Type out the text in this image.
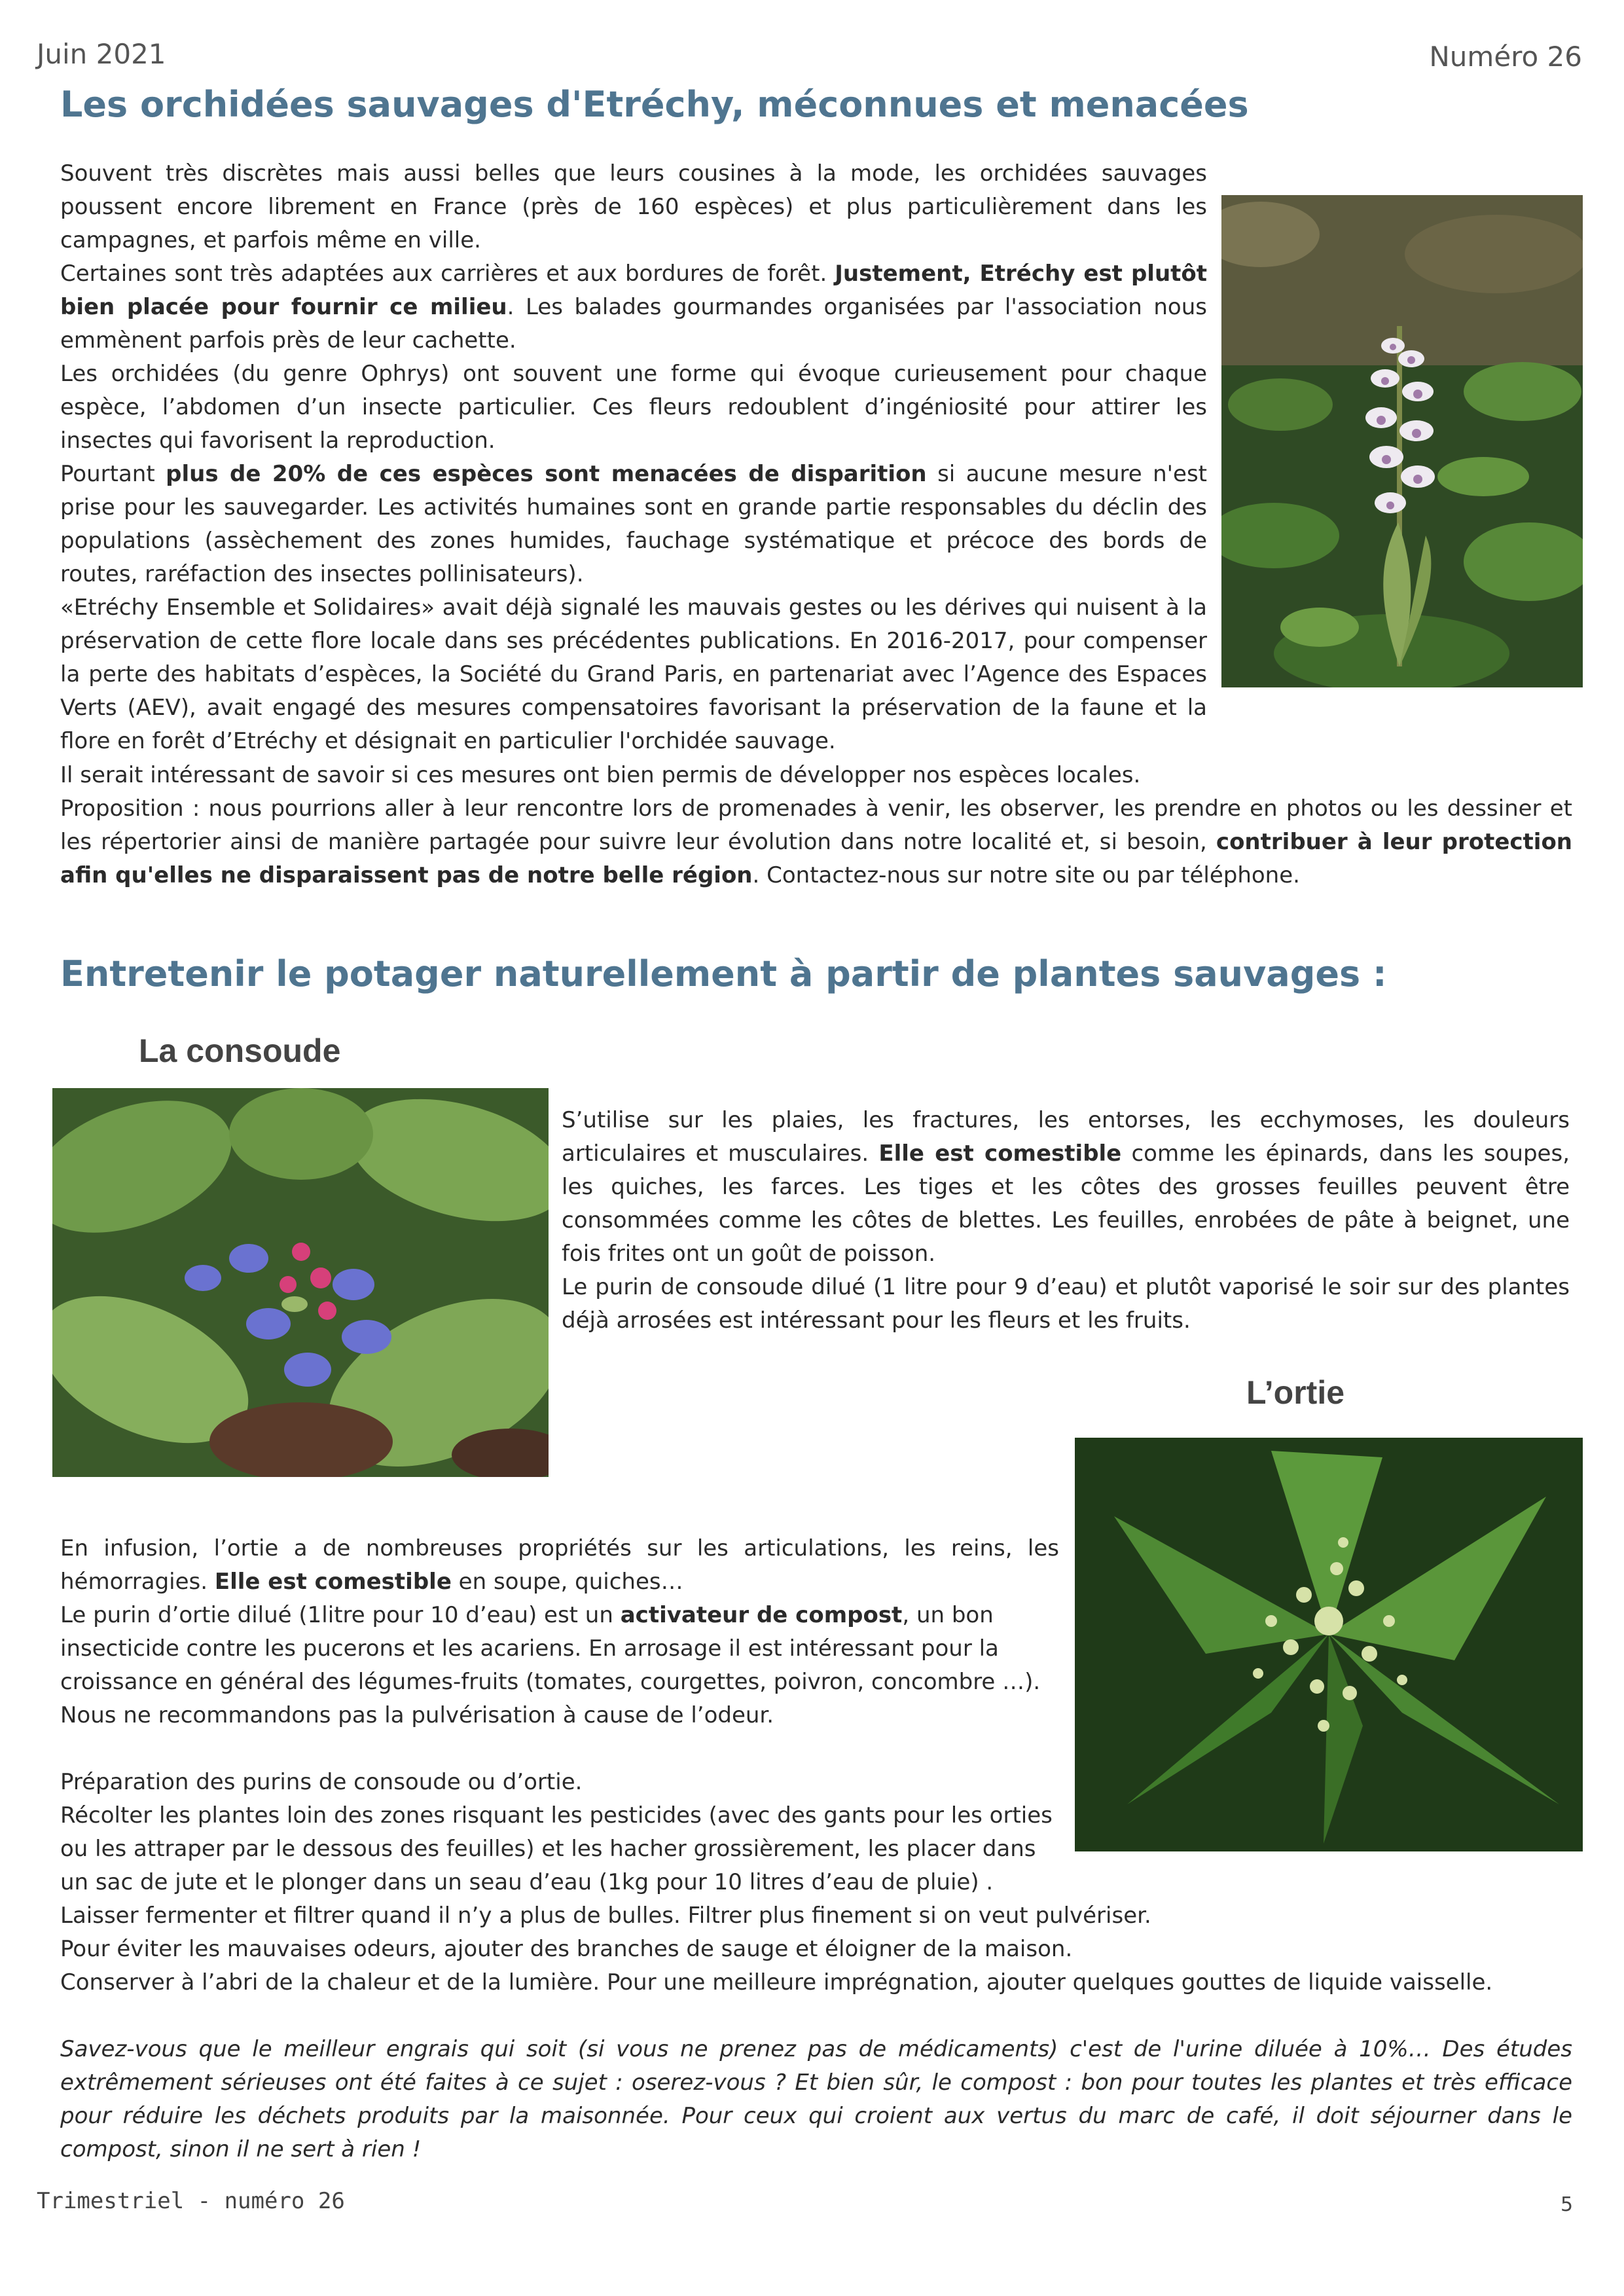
Juin 2021	Numéro 26
Les orchidées sauvages d'Etréchy, méconnues et menacées

Souvent très discrètes mais aussi belles que leurs cousines à la mode, les orchidées sauvages poussent encore librement en France (près de 160 espèces) et plus particulièrement dans les campagnes, et parfois même en ville.

Certaines sont très adaptées aux carrières et aux bordures de forêt. Justement, Etréchy est plutôt bien placée pour fournir ce milieu. Les balades gourmandes organisées par l'association nous emmènent parfois près de leur cachette.

Les orchidées (du genre Ophrys) ont souvent une forme qui évoque curieusement pour chaque espèce, l’abdomen d’un insecte particulier. Ces fleurs redoublent d’ingéniosité pour attirer les insectes qui favorisent la reproduction.

Pourtant plus de 20% de ces espèces sont menacées de disparition si aucune mesure n'est prise pour les sauvegarder. Les activités humaines sont en grande partie responsables du déclin des populations (assèchement des zones humides, fauchage systématique et précoce des bords de routes, raréfaction des insectes pollinisateurs).

«Etréchy Ensemble et Solidaires» avait déjà signalé les mauvais gestes ou les dérives qui nuisent à la préservation de cette flore locale dans ses précédentes publications. En 2016-2017, pour compenser la perte des habitats d’espèces, la Société du Grand Paris, en partenariat avec l’Agence des Espaces Verts (AEV), avait engagé des mesures compensatoires favorisant la préservation de la faune et la flore en forêt d’Etréchy et désignait en particulier l'orchidée sauvage.

Il serait intéressant de savoir si ces mesures ont bien permis de développer nos espèces locales.

Proposition : nous pourrions aller à leur rencontre lors de promenades à venir, les observer, les prendre en photos ou les dessiner et les répertorier ainsi de manière partagée pour suivre leur évolution dans notre localité et, si besoin, contribuer à leur protection afin qu'elles ne disparaissent pas de notre belle région. Contactez-nous sur notre site ou par téléphone.

Entretenir le potager naturellement à partir de plantes sauvages :
La consoude

S’utilise sur les plaies, les fractures, les entorses, les ecchymoses, les douleurs articulaires et musculaires. Elle est comestible comme les épinards, dans les soupes, les quiches, les farces. Les tiges et les côtes des grosses feuilles peuvent être consommées comme les côtes de blettes. Les feuilles, enrobées de pâte à beignet, une fois frites ont un goût de poisson.

Le purin de consoude dilué (1 litre pour 9 d’eau) et plutôt vaporisé le soir sur des plantes déjà arrosées est intéressant pour les fleurs et les fruits.

L’ortie

En infusion, l’ortie a de nombreuses propriétés sur les articulations, les reins, les hémorragies. Elle est comestible en soupe, quiches…

Le purin d’ortie dilué (1litre pour 10 d’eau) est un activateur de compost, un bon insecticide contre les pucerons et les acariens. En arrosage il est intéressant pour la croissance en général des légumes-fruits (tomates, courgettes, poivron, concombre …).

Nous ne recommandons pas la pulvérisation à cause de l’odeur.

Préparation des purins de consoude ou d’ortie.

Récolter les plantes loin des zones risquant les pesticides (avec des gants pour les orties ou les attraper par le dessous des feuilles) et les hacher grossièrement, les placer dans un sac de jute et le plonger dans un seau d’eau (1kg pour 10 litres d’eau de pluie) .

Laisser fermenter et filtrer quand il n’y a plus de bulles. Filtrer plus finement si on veut pulvériser.

Pour éviter les mauvaises odeurs, ajouter des branches de sauge et éloigner de la maison.

Conserver à l’abri de la chaleur et de la lumière. Pour une meilleure imprégnation, ajouter quelques gouttes de liquide vaisselle.

Savez-vous que le meilleur engrais qui soit (si vous ne prenez pas de médicaments) c'est de l'urine diluée à 10%… Des études extrêmement sérieuses ont été faites à ce sujet : oserez-vous ? Et bien sûr, le compost : bon pour toutes les plantes et très efficace pour réduire les déchets produits par la maisonnée. Pour ceux qui croient aux vertus du marc de café, il doit séjourner dans le compost, sinon il ne sert à rien !
Trimestriel - numéro 26	5
